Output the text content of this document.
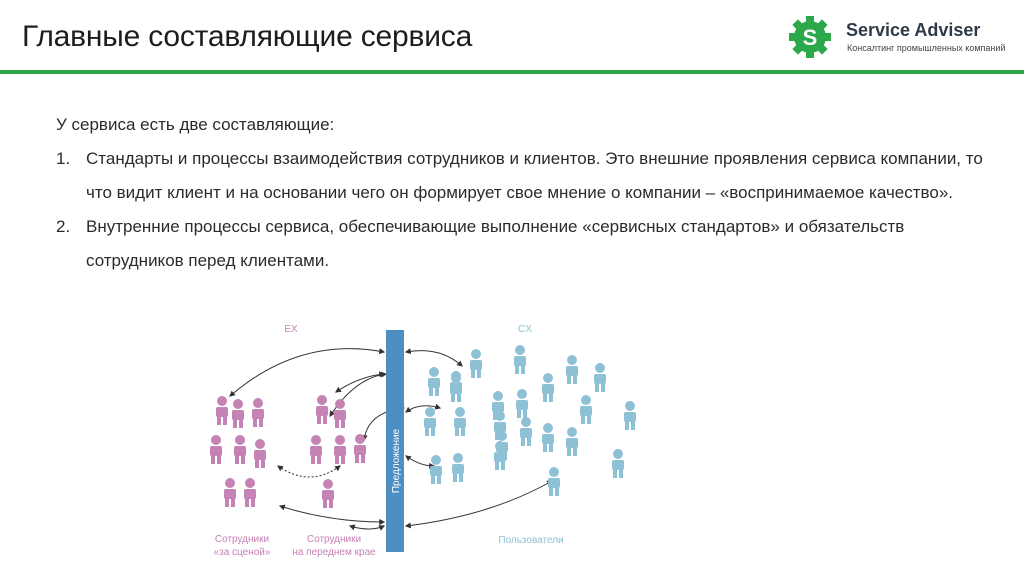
Главные составляющие сервиса	S Service Adviser
Консалтинг промышленных компаний

У сервиса есть две составляющие:

1. Стандарты и процессы взаимодействия сотрудников и клиентов. Это внешние проявления сервиса компании, то что видит клиент и на основании чего он формирует свое мнение о компании – «воспринимаемое качество».
2. Внутренние процессы сервиса, обеспечивающие выполнение «сервисных стандартов» и обязательств сотрудников перед клиентами.
Предложение
EX	CX
Сотрудники
«за сценой»
Сотрудники
на переднем крае
Пользователи
